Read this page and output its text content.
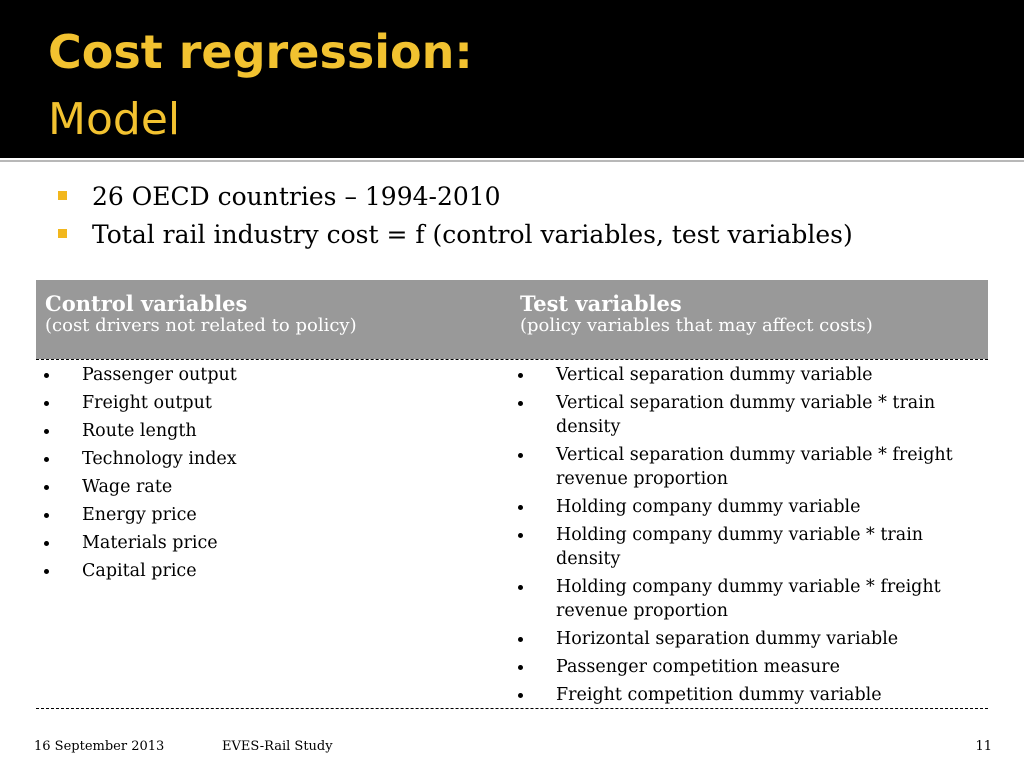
Cost regression:
Model
26 OECD countries – 1994-2010
Total rail industry cost = f (control variables, test variables)
Control variables
(cost drivers not related to policy)
Test variables
(policy variables that may affect costs)
Passenger output
Freight output
Route length
Technology index
Wage rate
Energy price
Materials price
Capital price
Vertical separation dummy variable
Vertical separation dummy variable * train density
Vertical separation dummy variable * freight revenue proportion
Holding company dummy variable
Holding company dummy variable * train density
Holding company dummy variable * freight revenue proportion
Horizontal separation dummy variable
Passenger competition measure
Freight competition dummy variable
16 September 2013	EVES-Rail Study	11
